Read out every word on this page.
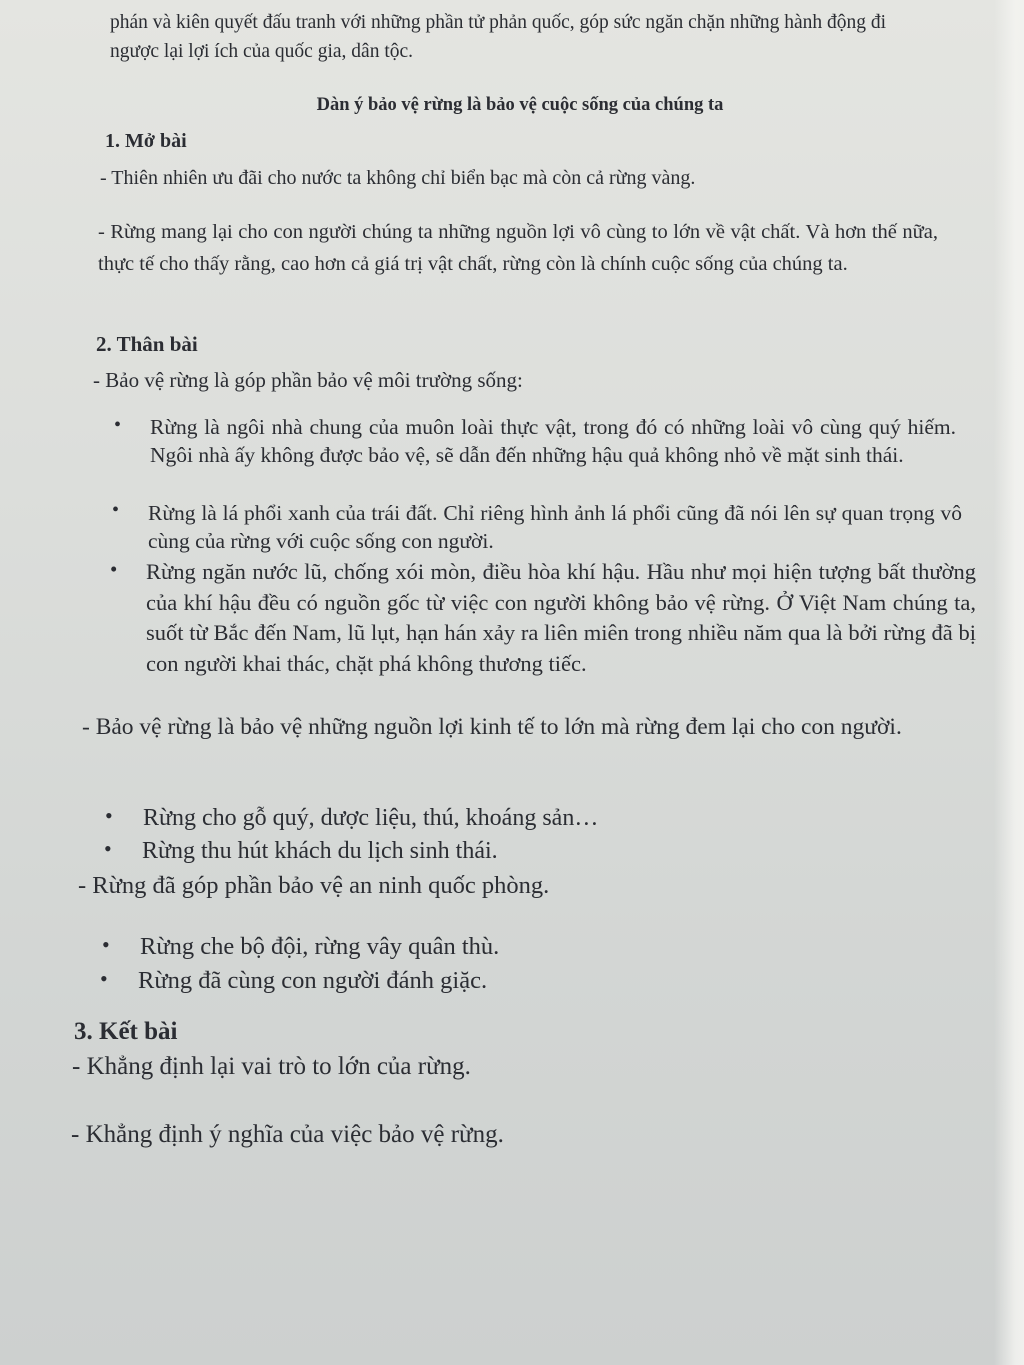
phán và kiên quyết đấu tranh với những phần tử phản quốc, góp sức ngăn chặn những hành động đi ngược lại lợi ích của quốc gia, dân tộc.

Dàn ý bảo vệ rừng là bảo vệ cuộc sống của chúng ta

1. Mở bài

- Thiên nhiên ưu đãi cho nước ta không chỉ biển bạc mà còn cả rừng vàng.

- Rừng mang lại cho con người chúng ta những nguồn lợi vô cùng to lớn về vật chất. Và hơn thế nữa, thực tế cho thấy rằng, cao hơn cả giá trị vật chất, rừng còn là chính cuộc sống của chúng ta.

2. Thân bài

- Bảo vệ rừng là góp phần bảo vệ môi trường sống:

• Rừng là ngôi nhà chung của muôn loài thực vật, trong đó có những loài vô cùng quý hiếm. Ngôi nhà ấy không được bảo vệ, sẽ dẫn đến những hậu quả không nhỏ về mặt sinh thái.

• Rừng là lá phổi xanh của trái đất. Chỉ riêng hình ảnh lá phổi cũng đã nói lên sự quan trọng vô cùng của rừng với cuộc sống con người.

• Rừng ngăn nước lũ, chống xói mòn, điều hòa khí hậu. Hầu như mọi hiện tượng bất thường của khí hậu đều có nguồn gốc từ việc con người không bảo vệ rừng. Ở Việt Nam chúng ta, suốt từ Bắc đến Nam, lũ lụt, hạn hán xảy ra liên miên trong nhiều năm qua là bởi rừng đã bị con người khai thác, chặt phá không thương tiếc.

- Bảo vệ rừng là bảo vệ những nguồn lợi kinh tế to lớn mà rừng đem lại cho con người.

• Rừng cho gỗ quý, dược liệu, thú, khoáng sản…

• Rừng thu hút khách du lịch sinh thái.

- Rừng đã góp phần bảo vệ an ninh quốc phòng.

• Rừng che bộ đội, rừng vây quân thù.

• Rừng đã cùng con người đánh giặc.

3. Kết bài

- Khẳng định lại vai trò to lớn của rừng.

- Khẳng định ý nghĩa của việc bảo vệ rừng.
